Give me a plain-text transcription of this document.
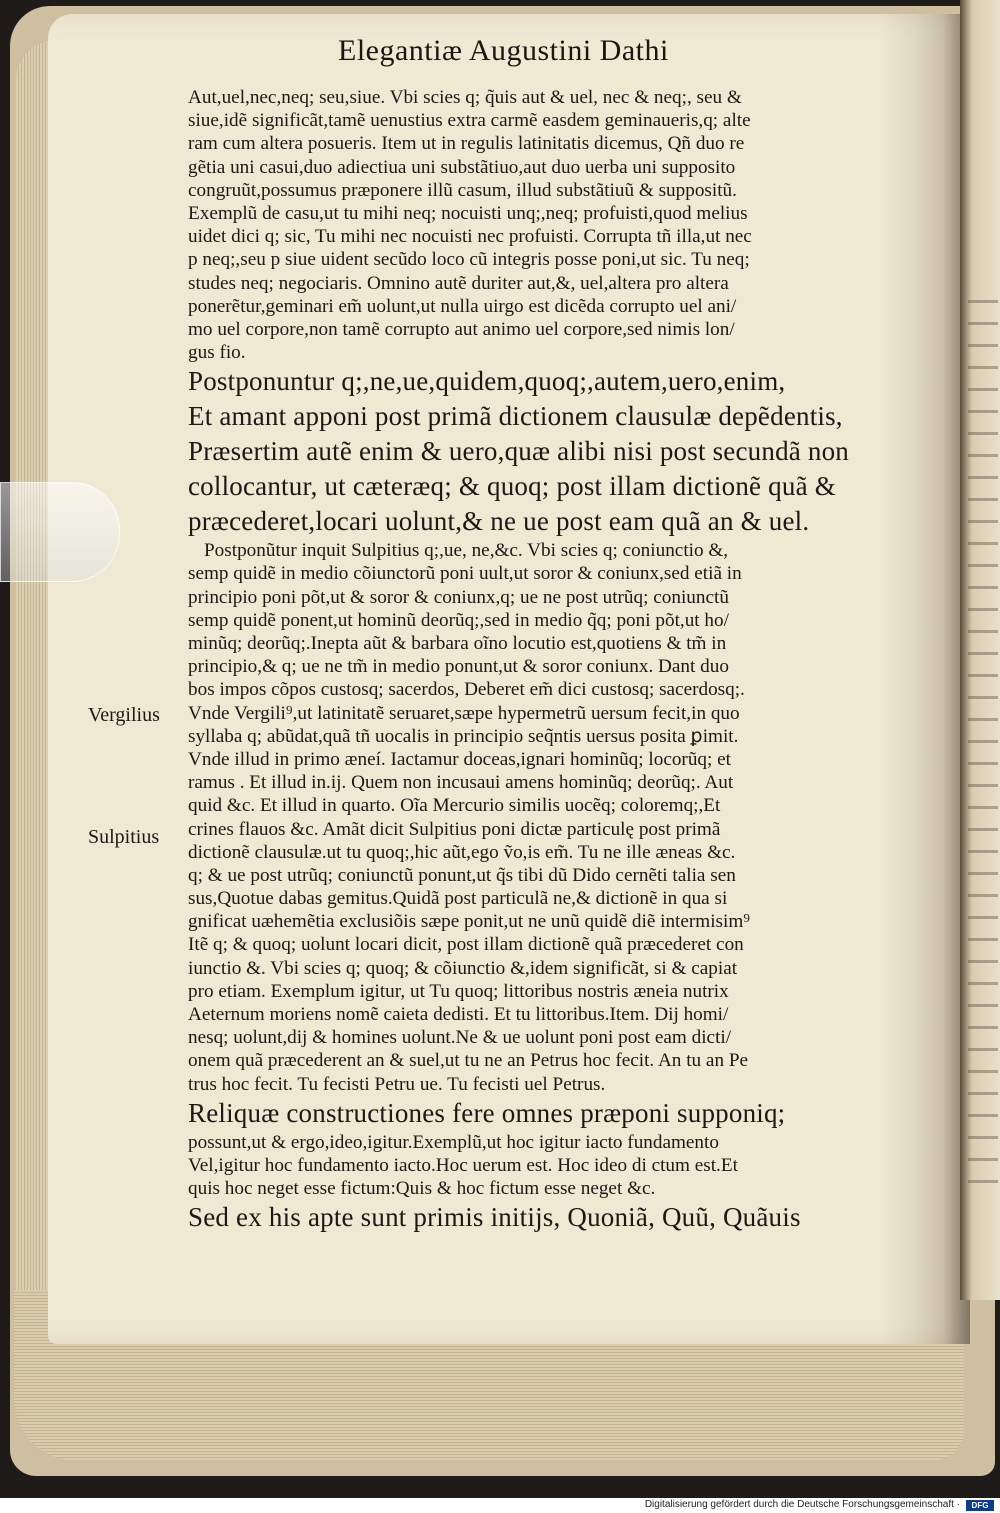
Elegantiæ Augustini Dathi
Vergilius
Sulpitius
Aut,uel,nec,neq; seu,siue. Vbi scies q; q̃uis aut & uel, nec & neq;, seu &
siue,idẽ significãt,tamẽ uenustius extra carmẽ easdem geminaueris,q; alte
ram cum altera posueris. Item ut in regulis latinitatis dicemus, Qñ duo re
gẽtia uni casui,duo adiectiua uni substãtiuo,aut duo uerba uni supposito
congruũt,possumus præponere illũ casum, illud substãtiuũ & suppositũ.
Exemplũ de casu,ut tu mihi neq; nocuisti unq;,neq; profuisti,quod melius
uidet dici q; sic, Tu mihi nec nocuisti nec profuisti. Corrupta tñ illa,ut nec
p neq;,seu p siue uident secũdo loco cũ integris posse poni,ut sic. Tu neq;
studes neq; negociaris. Omnino autẽ duriter aut,&, uel,altera pro altera
ponerẽtur,geminari em̃ uolunt,ut nulla uirgo est dicẽda corrupto uel ani/
mo uel corpore,non tamẽ corrupto aut animo uel corpore,sed nimis lon/
gus fio.
Postponuntur q;,ne,ue,quidem,quoq;,autem,uero,enim,
Et amant apponi post primã dictionem clausulæ depẽdentis,
Præsertim autẽ enim & uero,quæ alibi nisi post secundã non
collocantur, ut cæteræq; & quoq; post illam dictionẽ quã &
præcederet,locari uolunt,& ne ue post eam quã an & uel.
Postponũtur inquit Sulpitius q;,ue, ne,&c. Vbi scies q; coniunctio &,
semp quidẽ in medio cõiunctorũ poni uult,ut soror & coniunx,sed etiã in
principio poni põt,ut & soror & coniunx,q; ue ne post utrũq; coniunctũ
semp quidẽ ponent,ut hominũ deorũq;,sed in medio q̃q; poni põt,ut ho/
minũq; deorũq;.Inepta aũt & barbara oĩno locutio est,quotiens & tm̃ in
principio,& q; ue ne tm̃ in medio ponunt,ut & soror coniunx. Dant duo
bos impos cõpos custosq; sacerdos, Deberet em̃ dici custosq; sacerdosq;.
Vnde Vergili⁹,ut latinitatẽ seruaret,sæpe hypermetrũ uersum fecit,in quo
syllaba q; abũdat,quã tñ uocalis in principio seq̃ntis uersus posita ꝑimit.
Vnde illud in primo æneí. Iactamur doceas,ignari hominũq; locorũq; et
ramus . Et illud in.ij. Quem non incusaui amens hominũq; deorũq;. Aut
quid &c. Et illud in quarto. Oĩa Mercurio similis uocẽq; coloremq;,Et
crines flauos &c. Amãt dicit Sulpitius poni dictæ particulę post primã
dictionẽ clausulæ.ut tu quoq;,hic aũt,ego ṽo,is em̃. Tu ne ille æneas &c.
q; & ue post utrũq; coniunctũ ponunt,ut q̃s tibi dũ Dido cernẽti talia sen
sus,Quotue dabas gemitus.Quidã post particulã ne,& dictionẽ in qua si
gnificat uæhemẽtia exclusiõis sæpe ponit,ut ne unũ quidẽ diẽ intermisim⁹
Itẽ q; & quoq; uolunt locari dicit, post illam dictionẽ quã præcederet con
iunctio &. Vbi scies q; quoq; & cõiunctio &,idem significãt, si & capiat
pro etiam. Exemplum igitur, ut Tu quoq; littoribus nostris æneia nutrix
Aeternum moriens nomẽ caieta dedisti. Et tu littoribus.Item. Dij homi/
nesq; uolunt,dij & homines uolunt.Ne & ue uolunt poni post eam dicti/
onem quã præcederent an & suel,ut tu ne an Petrus hoc fecit. An tu an Pe
trus hoc fecit. Tu fecisti Petru ue. Tu fecisti uel Petrus.
Reliquæ constructiones fere omnes præponi supponiq;
possunt,ut & ergo,ideo,igitur.Exemplũ,ut hoc igitur iacto fundamento
Vel,igitur hoc fundamento iacto.Hoc uerum est. Hoc ideo di ctum est.Et
quis hoc neget esse fictum:Quis & hoc fictum esse neget &c.
Sed ex his apte sunt primis initijs, Quoniã, Quũ, Quãuis
Digitalisierung gefördert durch die Deutsche Forschungsgemeinschaft ·	DFG
